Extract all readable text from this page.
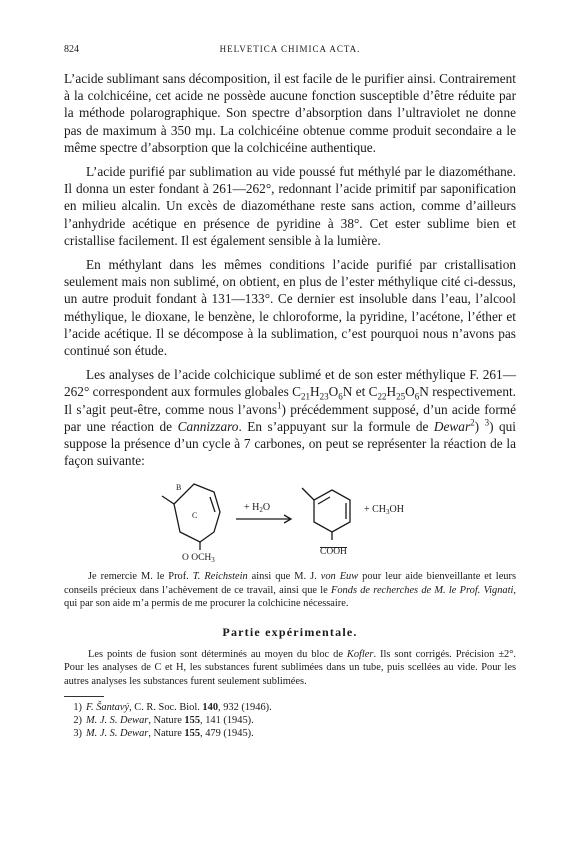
824	HELVETICA CHIMICA ACTA.

L’acide sublimant sans décomposition, il est facile de le purifier ainsi. Contrairement à la colchicéine, cet acide ne possède aucune fonction susceptible d’être réduite par la méthode polarographique. Son spectre d’absorption dans l’ultraviolet ne donne pas de maximum à 350 mμ. La colchicéine obtenue comme produit secondaire a le même spectre d’absorption que la colchicéine authentique.

L’acide purifié par sublimation au vide poussé fut méthylé par le diazométhane. Il donna un ester fondant à 261—262°, redonnant l’acide primitif par saponification en milieu alcalin. Un excès de diazométhane reste sans action, comme d’ailleurs l’anhydride acétique en présence de pyridine à 38°. Cet ester sublime bien et cristallise facilement. Il est également sensible à la lumière.

En méthylant dans les mêmes conditions l’acide purifié par cristallisation seulement mais non sublimé, on obtient, en plus de l’ester méthylique cité ci-dessus, un autre produit fondant à 131—133°. Ce dernier est insoluble dans l’eau, l’alcool méthylique, le dioxane, le benzène, le chloroforme, la pyridine, l’acétone, l’éther et l’acide acétique. Il se décompose à la sublimation, c’est pourquoi nous n’avons pas continué son étude.

Les analyses de l’acide colchicique sublimé et de son ester méthylique F. 261—262° correspondent aux formules globales $C_{21}H_{23}O_6N$ et $C_{22}H_{25}O_6N$ respectivement. Il s’agit peut-être, comme nous l’avons$^1$) précédemment supposé, d’un acide formé par une réaction de Cannizzaro. En s’appuyant sur la formule de Dewar$^2$) $^3$) qui suppose la présence d’un cycle à 7 carbones, on peut se représenter la réaction de la façon suivante:

B
C
O $OCH_3$
+ $H_2O$	+ $CH_3OH$
COOH

Je remercie M. le Prof. T. Reichstein ainsi que M. J. von Euw pour leur aide bienveillante et leurs conseils précieux dans l’achèvement de ce travail, ainsi que le Fonds de recherches de M. le Prof. Vignati, qui par son aide m’a permis de me procurer la colchicine nécessaire.

Partie expérimentale.

Les points de fusion sont déterminés au moyen du bloc de Kofler. Ils sont corrigés. Précision ±2°. Pour les analyses de C et H, les substances furent sublimées dans un tube, puis scellées au vide. Pour les autres analyses les substances furent seulement sublimées.

1) F. Šantavý, C. R. Soc. Biol. 140, 932 (1946).

2) M. J. S. Dewar, Nature 155, 141 (1945).

3) M. J. S. Dewar, Nature 155, 479 (1945).
